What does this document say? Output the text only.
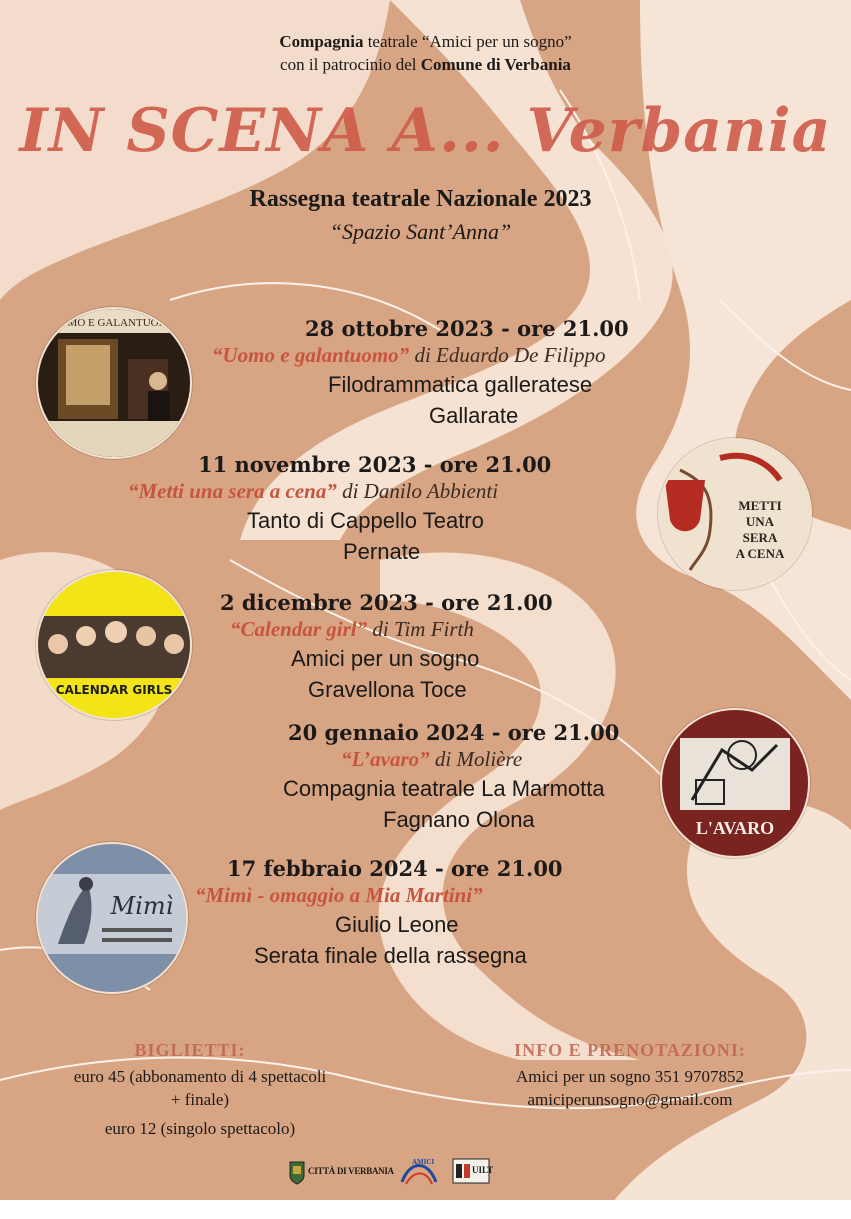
Compagnia teatrale “Amici per un sogno”
con il patrocinio del Comune di Verbania
IN SCENA A... Verbania
Rassegna teatrale Nazionale 2023
“Spazio Sant’Anna”
UOMO E GALANTUOMO	28 ottobre 2023 - ore 21.00
“Uomo e galantuomo” di Eduardo De Filippo
Filodrammatica galleratese
Gallarate
METTI
UNA
SERA
A CENA
11 novembre 2023 - ore 21.00
“Metti una sera a cena” di Danilo Abbienti
Tanto di Cappello Teatro
Pernate
CALENDAR GIRLS
2 dicembre 2023 - ore 21.00
“Calendar girl” di Tim Firth
Amici per un sogno
Gravellona Toce
L'AVARO
20 gennaio 2024 - ore 21.00
“L’avaro” di Molière
Compagnia teatrale La Marmotta
Fagnano Olona
Mimì
17 febbraio 2024 - ore 21.00
“Mimì - omaggio a Mia Martini”
Giulio Leone
Serata finale della rassegna
BIGLIETTI:
euro 45 (abbonamento di 4 spettacoli
+ finale)
euro 12 (singolo spettacolo)
INFO E PRENOTAZIONI:
Amici per un sogno 351 9707852
amiciperunsogno@gmail.com
CITTÀ DI VERBANIA
AMICI
UILT
